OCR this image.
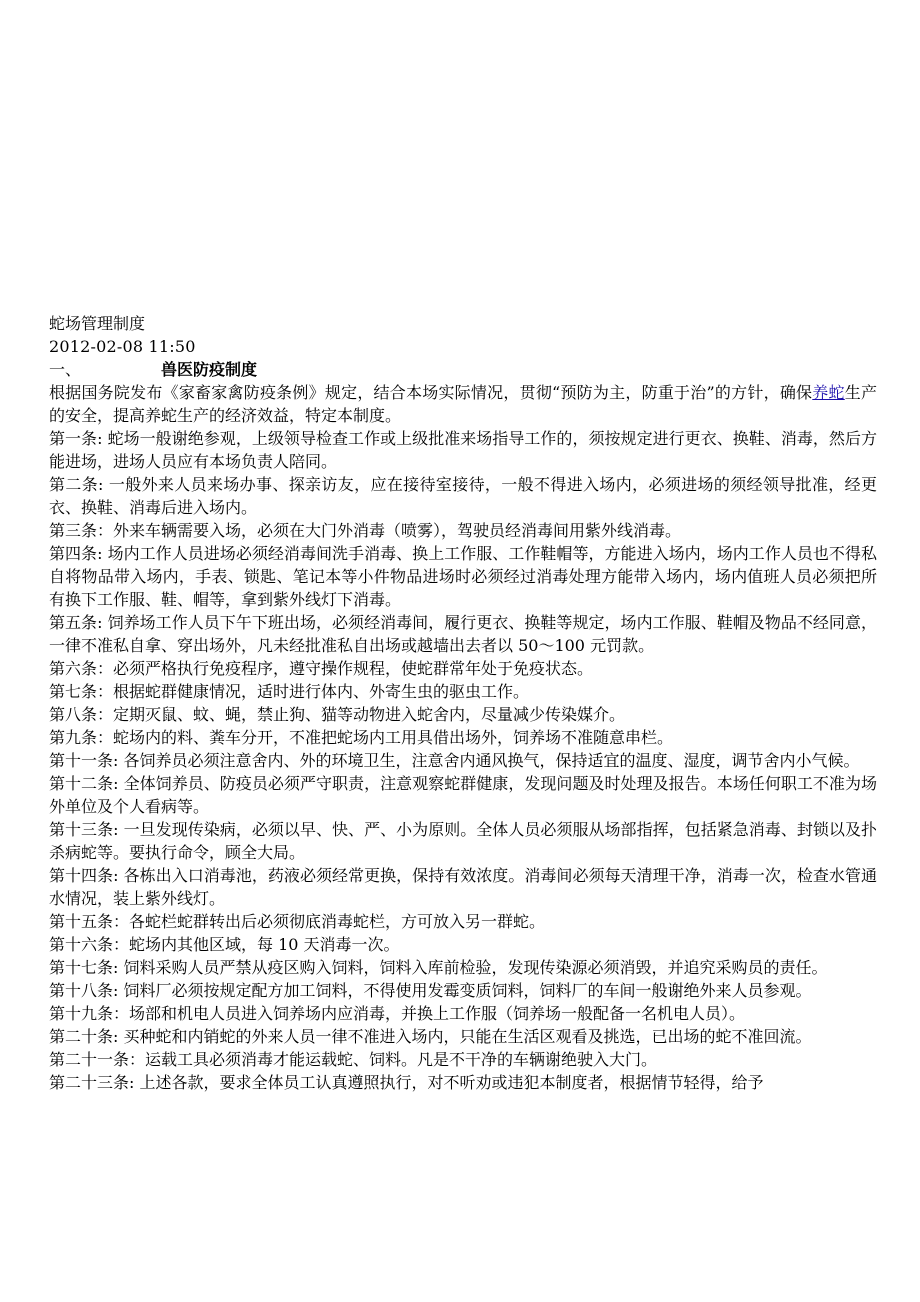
蛇场管理制度

2012-02-08 11:50

一、	兽医防疫制度

根据国务院发布《家畜家禽防疫条例》规定，结合本场实际情况，贯彻“预防为主，防重于治”的方针，确保养蛇生产的安全，提高养蛇生产的经济效益，特定本制度。

第一条: 蛇场一般谢绝参观，上级领导检查工作或上级批准来场指导工作的，须按规定进行更衣、换鞋、消毒，然后方能进场，进场人员应有本场负责人陪同。

第二条: 一般外来人员来场办事、探亲访友，应在接待室接待，一般不得进入场内，必须进场的须经领导批准，经更衣、换鞋、消毒后进入场内。

第三条：外来车辆需要入场，必须在大门外消毒（喷雾），驾驶员经消毒间用紫外线消毒。

第四条: 场内工作人员进场必须经消毒间洗手消毒、换上工作服、工作鞋帽等，方能进入场内，场内工作人员也不得私自将物品带入场内，手表、锁匙、笔记本等小件物品进场时必须经过消毒处理方能带入场内，场内值班人员必须把所有换下工作服、鞋、帽等，拿到紫外线灯下消毒。

第五条: 饲养场工作人员下午下班出场，必须经消毒间，履行更衣、换鞋等规定，场内工作服、鞋帽及物品不经同意，一律不准私自拿、穿出场外，凡未经批准私自出场或越墙出去者以 50～100 元罚款。

第六条：必须严格执行免疫程序，遵守操作规程，使蛇群常年处于免疫状态。

第七条：根据蛇群健康情况，适时进行体内、外寄生虫的驱虫工作。

第八条：定期灭鼠、蚊、蝇，禁止狗、猫等动物进入蛇舍内，尽量减少传染媒介。

第九条：蛇场内的料、粪车分开，不准把蛇场内工用具借出场外，饲养场不准随意串栏。

第十一条: 各饲养员必须注意舍内、外的环境卫生，注意舍内通风换气，保持适宜的温度、湿度，调节舍内小气候。

第十二条: 全体饲养员、防疫员必须严守职责，注意观察蛇群健康，发现问题及时处理及报告。本场任何职工不准为场外单位及个人看病等。

第十三条: 一旦发现传染病，必须以早、快、严、小为原则。全体人员必须服从场部指挥，包括紧急消毒、封锁以及扑杀病蛇等。要执行命令，顾全大局。

第十四条: 各栋出入口消毒池，药液必须经常更换，保持有效浓度。消毒间必须每天清理干净，消毒一次，检查水管通水情况，装上紫外线灯。

第十五条：各蛇栏蛇群转出后必须彻底消毒蛇栏，方可放入另一群蛇。

第十六条：蛇场内其他区域，每 10 天消毒一次。

第十七条: 饲料采购人员严禁从疫区购入饲料，饲料入库前检验，发现传染源必须消毁，并追究采购员的责任。

第十八条: 饲料厂必须按规定配方加工饲料，不得使用发霉变质饲料，饲料厂的车间一般谢绝外来人员参观。

第十九条：场部和机电人员进入饲养场内应消毒，并换上工作服（饲养场一般配备一名机电人员）。

第二十条: 买种蛇和内销蛇的外来人员一律不准进入场内，只能在生活区观看及挑选，已出场的蛇不准回流。

第二十一条：运载工具必须消毒才能运载蛇、饲料。凡是不干净的车辆谢绝驶入大门。

第二十三条: 上述各款，要求全体员工认真遵照执行，对不听劝或违犯本制度者，根据情节轻得，给予
